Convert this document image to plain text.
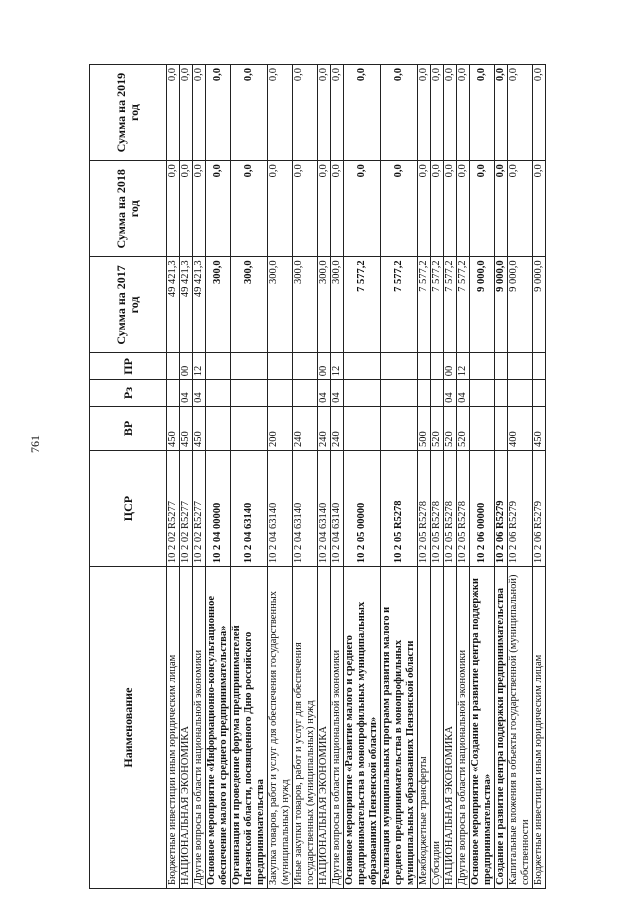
761
Наименование	ЦСР	ВР	Рз	ПР	Сумма на 2017 год	Сумма на 2018 год	Сумма на 2019 год
Бюджетные инвестиции иным юридическим лицам	10 2 02 R5277	450			49 421,3	0,0	0,0
НАЦИОНАЛЬНАЯ ЭКОНОМИКА	10 2 02 R5277	450	04	00	49 421,3	0,0	0,0
Другие вопросы в области национальной экономики	10 2 02 R5277	450	04	12	49 421,3	0,0	0,0
Основное мероприятие «Информационно-консультационное обеспечение малого и среднего предпринимательства»	10 2 04 00000				300,0	0,0	0,0
Организация и проведение форума предпринимателей Пензенской области, посвященного Дню российского предпринимательства	10 2 04 63140				300,0	0,0	0,0
Закупка товаров, работ и услуг для обеспечения государственных (муниципальных) нужд	10 2 04 63140	200			300,0	0,0	0,0
Иные закупки товаров, работ и услуг для обеспечения государственных (муниципальных) нужд	10 2 04 63140	240			300,0	0,0	0,0
НАЦИОНАЛЬНАЯ ЭКОНОМИКА	10 2 04 63140	240	04	00	300,0	0,0	0,0
Другие вопросы в области национальной экономики	10 2 04 63140	240	04	12	300,0	0,0	0,0
Основное мероприятие «Развитие малого и среднего предпринимательства в монопрофильных муниципальных образованиях Пензенской области»	10 2 05 00000				7 577,2	0,0	0,0
Реализация муниципальных программ развития малого и среднего предпринимательства в монопрофильных муниципальных образованиях Пензенской области	10 2 05 R5278				7 577,2	0,0	0,0
Межбюджетные трансферты	10 2 05 R5278	500			7 577,2	0,0	0,0
Субсидии	10 2 05 R5278	520			7 577,2	0,0	0,0
НАЦИОНАЛЬНАЯ ЭКОНОМИКА	10 2 05 R5278	520	04	00	7 577,2	0,0	0,0
Другие вопросы в области национальной экономики	10 2 05 R5278	520	04	12	7 577,2	0,0	0,0
Основное мероприятие «Создание и развитие центра поддержки предпринимательства»	10 2 06 00000				9 000,0	0,0	0,0
Создание и развитие центра поддержки предпринимательства	10 2 06 R5279				9 000,0	0,0	0,0
Капитальные вложения в объекты государственной (муниципальной) собственности	10 2 06 R5279	400			9 000,0	0,0	0,0
Бюджетные инвестиции иным юридическим лицам	10 2 06 R5279	450			9 000,0	0,0	0,0
